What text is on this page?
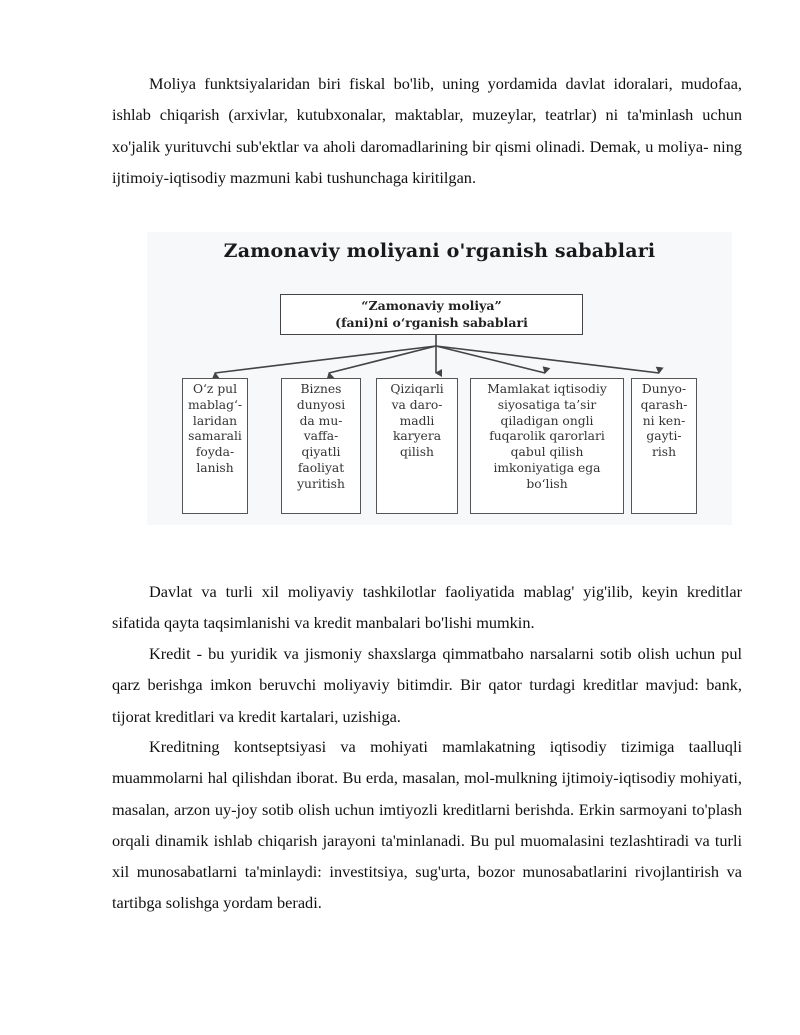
Moliya funktsiyalaridan biri fiskal bo'lib, uning yordamida davlat idoralari, mudofaa, ishlab chiqarish (arxivlar, kutubxonalar, maktablar, muzeylar, teatrlar) ni ta'minlash uchun xo'jalik yurituvchi sub'ektlar va aholi daromadlarining bir qismi olinadi. Demak, u moliya- ning ijtimoiy-iqtisodiy mazmuni kabi tushunchaga kiritilgan.

Zamonaviy moliyani o'rganish sabablari
“Zamonaviy moliya”
(fani)ni o‘rganish sabablari
O‘z pul
mablag‘-
laridan
samarali
foyda-
lanish
Biznes
dunyosi
da mu-
vaffa-
qiyatli
faoliyat
yuritish
Qiziqarli
va daro-
madli
karyera
qilish
Mamlakat iqtisodiy
siyosatiga ta’sir
qiladigan ongli
fuqarolik qarorlari
qabul qilish
imkoniyatiga ega
bo‘lish
Dunyo-
qarash-
ni ken-
gayti-
rish

Davlat va turli xil moliyaviy tashkilotlar faoliyatida mablag' yig'ilib, keyin kreditlar sifatida qayta taqsimlanishi va kredit manbalari bo'lishi mumkin.

Kredit - bu yuridik va jismoniy shaxslarga qimmatbaho narsalarni sotib olish uchun pul qarz berishga imkon beruvchi moliyaviy bitimdir. Bir qator turdagi kreditlar mavjud: bank, tijorat kreditlari va kredit kartalari, uzishiga.

Kreditning kontseptsiyasi va mohiyati mamlakatning iqtisodiy tizimiga taalluqli muammolarni hal qilishdan iborat. Bu erda, masalan, mol-mulkning ijtimoiy-iqtisodiy mohiyati, masalan, arzon uy-joy sotib olish uchun imtiyozli kreditlarni berishda. Erkin sarmoyani to'plash orqali dinamik ishlab chiqarish jarayoni ta'minlanadi. Bu pul muomalasini tezlashtiradi va turli xil munosabatlarni ta'minlaydi: investitsiya, sug'urta, bozor munosabatlarini rivojlantirish va tartibga solishga yordam beradi.
